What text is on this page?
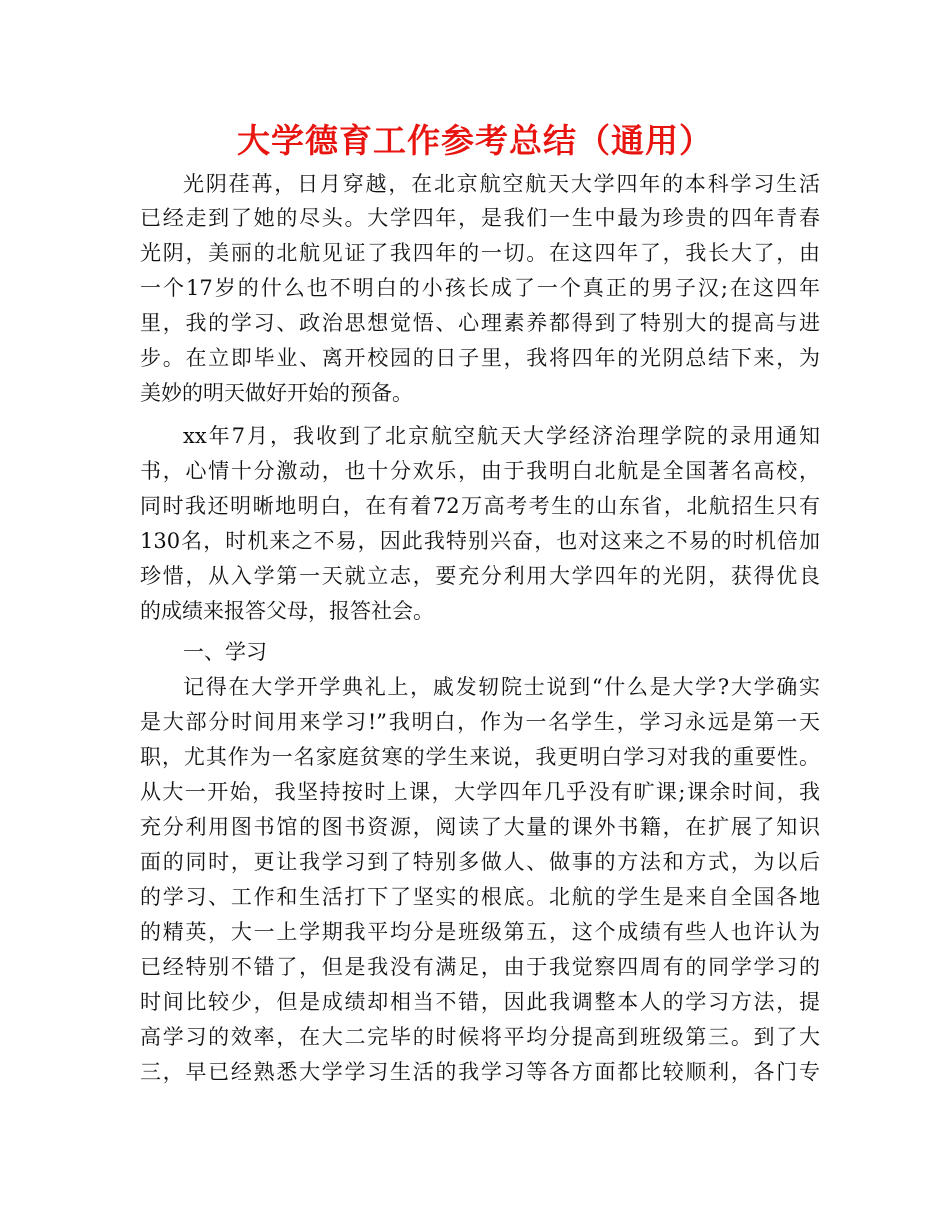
大学德育工作参考总结（通用）

光阴荏苒，日月穿越，在北京航空航天大学四年的本科学习生活

已经走到了她的尽头。大学四年，是我们一生中最为珍贵的四年青春

光阴，美丽的北航见证了我四年的一切。在这四年了，我长大了，由

一个17岁的什么也不明白的小孩长成了一个真正的男子汉;在这四年

里，我的学习、政治思想觉悟、心理素养都得到了特别大的提高与进

步。在立即毕业、离开校园的日子里，我将四年的光阴总结下来，为

美妙的明天做好开始的预备。

xx年7月，我收到了北京航空航天大学经济治理学院的录用通知

书，心情十分激动，也十分欢乐，由于我明白北航是全国著名高校，

同时我还明晰地明白，在有着72万高考考生的山东省，北航招生只有

130名，时机来之不易，因此我特别兴奋，也对这来之不易的时机倍加

珍惜，从入学第一天就立志，要充分利用大学四年的光阴，获得优良

的成绩来报答父母，报答社会。

一、学习

记得在大学开学典礼上，戚发轫院士说到“什么是大学?大学确实

是大部分时间用来学习!”我明白，作为一名学生，学习永远是第一天

职，尤其作为一名家庭贫寒的学生来说，我更明白学习对我的重要性。

从大一开始，我坚持按时上课，大学四年几乎没有旷课;课余时间，我

充分利用图书馆的图书资源，阅读了大量的课外书籍，在扩展了知识

面的同时，更让我学习到了特别多做人、做事的方法和方式，为以后

的学习、工作和生活打下了坚实的根底。北航的学生是来自全国各地

的精英，大一上学期我平均分是班级第五，这个成绩有些人也许认为

已经特别不错了，但是我没有满足，由于我觉察四周有的同学学习的

时间比较少，但是成绩却相当不错，因此我调整本人的学习方法，提

高学习的效率，在大二完毕的时候将平均分提高到班级第三。到了大

三，早已经熟悉大学学习生活的我学习等各方面都比较顺利，各门专
